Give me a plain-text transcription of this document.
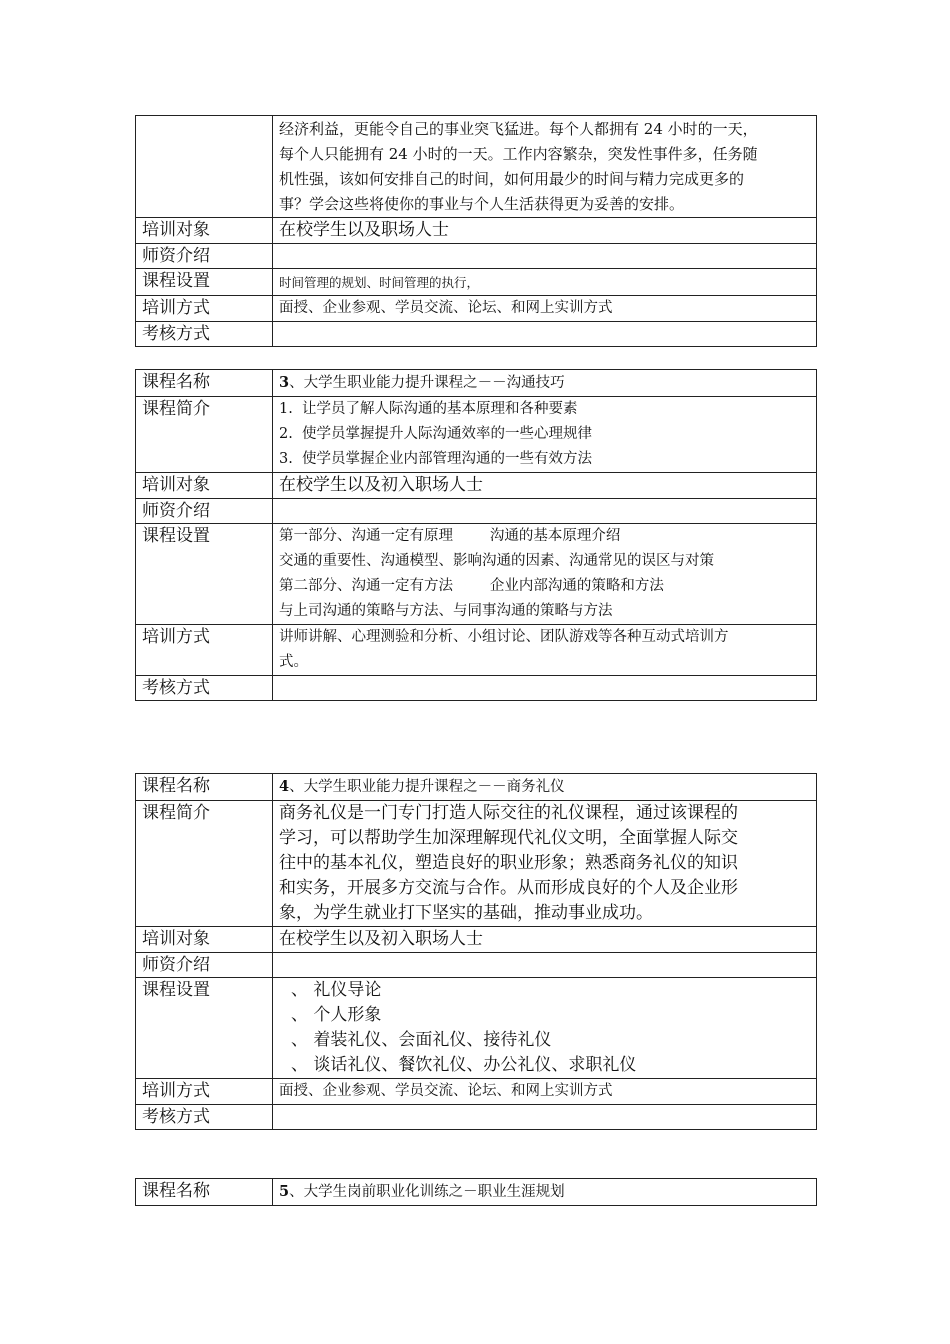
	经济利益，更能令自己的事业突飞猛进。每个人都拥有 24 小时的一天，

每个人只能拥有 24 小时的一天。工作内容繁杂，突发性事件多，任务随

机性强，该如何安排自己的时间，如何用最少的时间与精力完成更多的

事？学会这些将使你的事业与个人生活获得更为妥善的安排。

培训对象	在校学生以及职场人士
师资介绍	
课程设置	时间管理的规划、时间管理的执行，
培训方式	面授、企业参观、学员交流、论坛、和网上实训方式
考核方式	
课程名称	3、大学生职业能力提升课程之－－沟通技巧
课程简介	1.  让学员了解人际沟通的基本原理和各种要素

2.  使学员掌握提升人际沟通效率的一些心理规律

3.  使学员掌握企业内部管理沟通的一些有效方法

培训对象	在校学生以及初入职场人士
师资介绍	
课程设置	第一部分、沟通一定有原理        沟通的基本原理介绍

交通的重要性、沟通模型、影响沟通的因素、沟通常见的误区与对策

第二部分、沟通一定有方法        企业内部沟通的策略和方法

与上司沟通的策略与方法、与同事沟通的策略与方法

培训方式	讲师讲解、心理测验和分析、小组讨论、团队游戏等各种互动式培训方

式。

考核方式	
课程名称	4、大学生职业能力提升课程之－－商务礼仪
课程简介	商务礼仪是一门专门打造人际交往的礼仪课程，通过该课程的

学习，可以帮助学生加深理解现代礼仪文明，全面掌握人际交

往中的基本礼仪，塑造良好的职业形象；熟悉商务礼仪的知识

和实务，开展多方交流与合作。从而形成良好的个人及企业形

象，为学生就业打下坚实的基础，推动事业成功。

培训对象	在校学生以及初入职场人士
师资介绍	
课程设置	、 礼仪导论

、 个人形象

、 着装礼仪、会面礼仪、接待礼仪

、 谈话礼仪、餐饮礼仪、办公礼仪、求职礼仪

培训方式	面授、企业参观、学员交流、论坛、和网上实训方式
考核方式	
课程名称	5、大学生岗前职业化训练之－职业生涯规划
